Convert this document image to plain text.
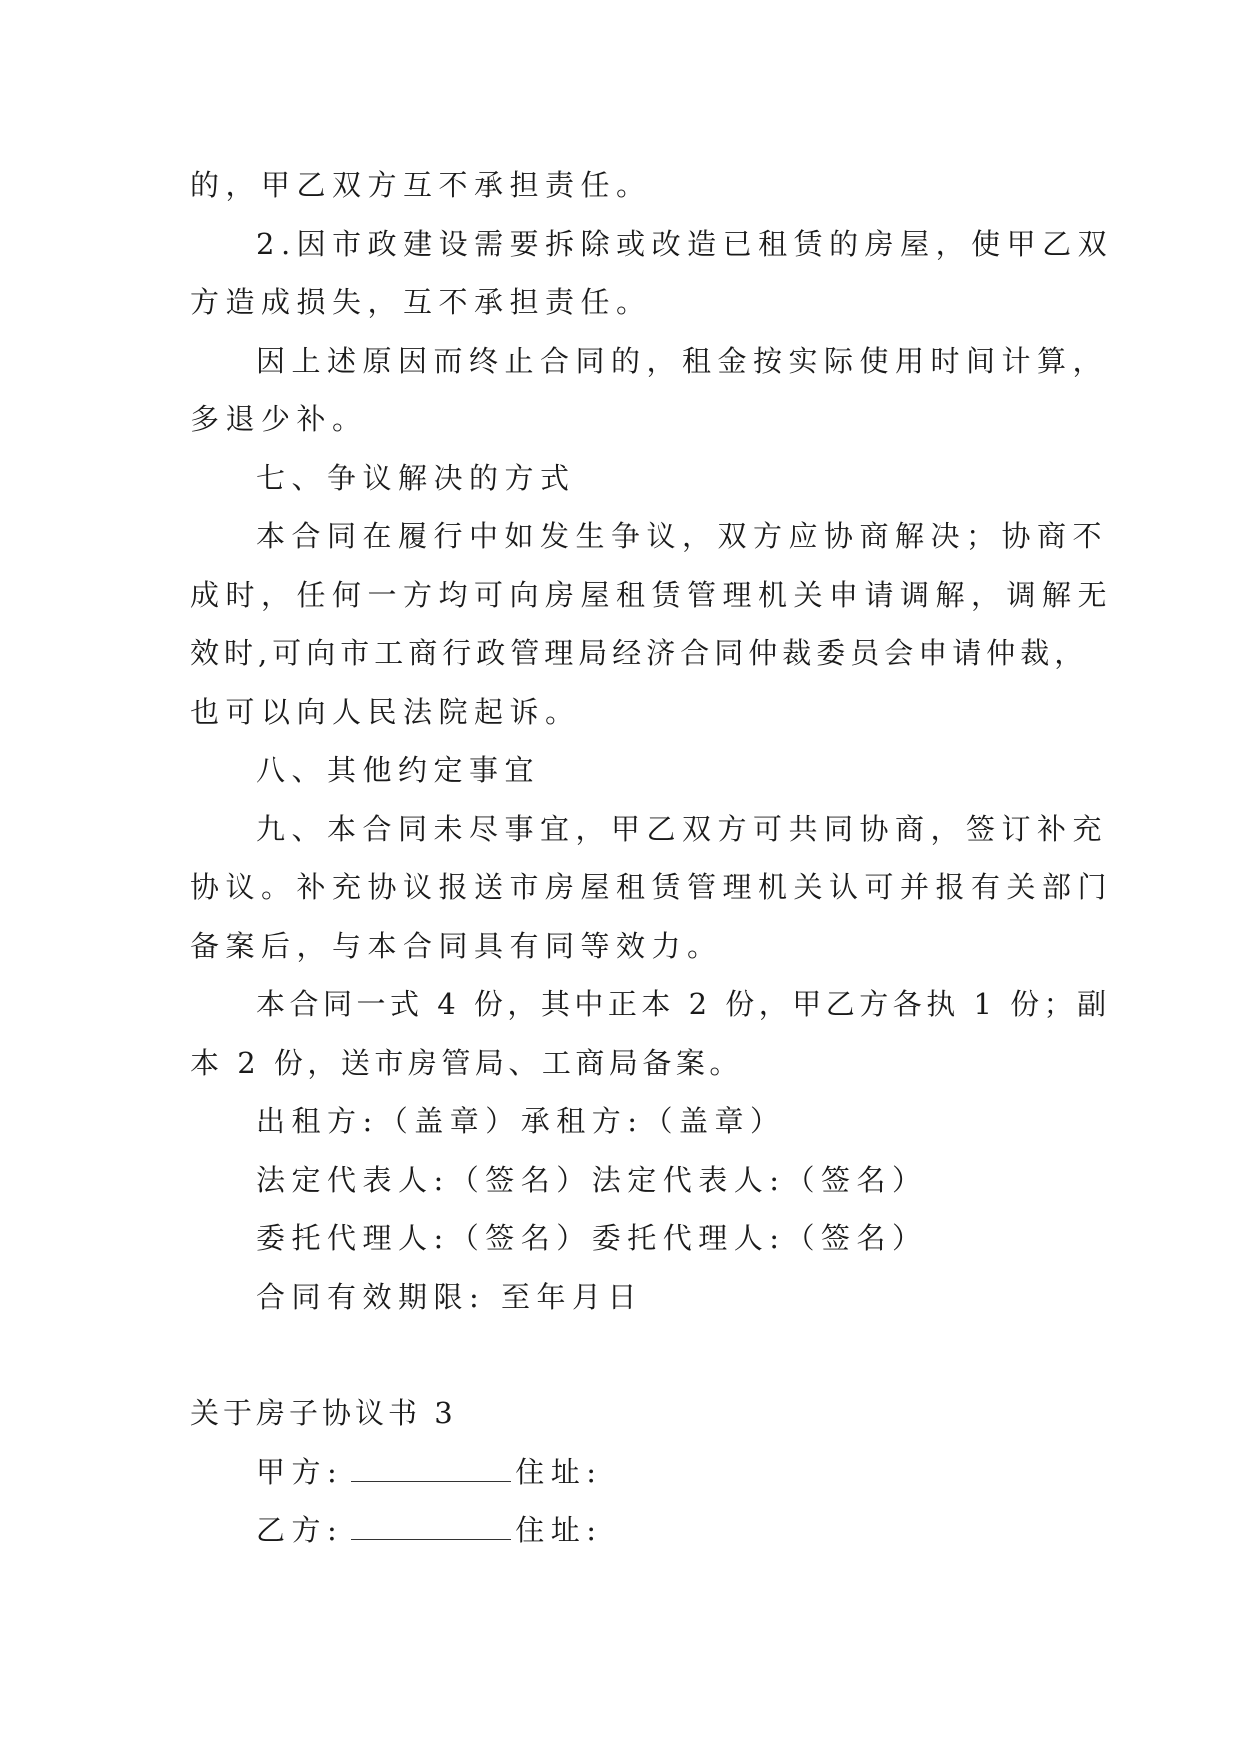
的，甲乙双方互不承担责任。
2.因市政建设需要拆除或改造已租赁的房屋，使甲乙双
方造成损失，互不承担责任。
因上述原因而终止合同的，租金按实际使用时间计算，
多退少补。
七、争议解决的方式
本合同在履行中如发生争议，双方应协商解决；协商不
成时，任何一方均可向房屋租赁管理机关申请调解，调解无
效时,可向市工商行政管理局经济合同仲裁委员会申请仲裁，
也可以向人民法院起诉。
八、其他约定事宜
九、本合同未尽事宜，甲乙双方可共同协商，签订补充
协议。补充协议报送市房屋租赁管理机关认可并报有关部门
备案后，与本合同具有同等效力。
本合同一式 4 份，其中正本 2 份，甲乙方各执 1 份；副
本 2 份，送市房管局、工商局备案。
出租方:（盖章）承租方:（盖章）
法定代表人:（签名）法定代表人:（签名）
委托代理人:（签名）委托代理人:（签名）
合同有效期限: 至年月日
关于房子协议书 3
甲方:	住址:
乙方:	住址:
